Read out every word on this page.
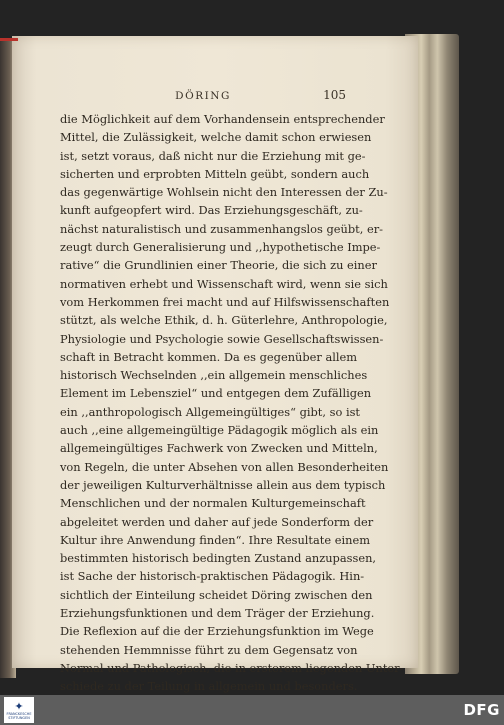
DÖRING	105
die Möglichkeit auf dem Vorhandensein entsprechender
Mittel, die Zulässigkeit, welche damit schon erwiesen
ist, setzt voraus, daß nicht nur die Erziehung mit ge-
sicherten und erprobten Mitteln geübt, sondern auch
das gegenwärtige Wohlsein nicht den Interessen der Zu-
kunft aufgeopfert wird. Das Erziehungsgeschäft, zu-
nächst naturalistisch und zusammenhangslos geübt, er-
zeugt durch Generalisierung und ,,hypothetische Impe-
rative“ die Grundlinien einer Theorie, die sich zu einer
normativen erhebt und Wissenschaft wird, wenn sie sich
vom Herkommen frei macht und auf Hilfswissenschaften
stützt, als welche Ethik, d. h. Güterlehre, Anthropologie,
Physiologie und Psychologie sowie Gesellschaftswissen-
schaft in Betracht kommen. Da es gegenüber allem
historisch Wechselnden ,,ein allgemein menschliches
Element im Lebensziel“ und entgegen dem Zufälligen
ein ,,anthropologisch Allgemeingültiges“ gibt, so ist
auch ,,eine allgemeingültige Pädagogik möglich als ein
allgemeingültiges Fachwerk von Zwecken und Mitteln,
von Regeln, die unter Absehen von allen Besonderheiten
der jeweiligen Kulturverhältnisse allein aus dem typisch
Menschlichen und der normalen Kulturgemeinschaft
abgeleitet werden und daher auf jede Sonderform der
Kultur ihre Anwendung finden“. Ihre Resultate einem
bestimmten historisch bedingten Zustand anzupassen,
ist Sache der historisch-praktischen Pädagogik. Hin-
sichtlich der Einteilung scheidet Döring zwischen den
Erziehungsfunktionen und dem Träger der Erziehung.
Die Reflexion auf die der Erziehungsfunktion im Wege
stehenden Hemmnisse führt zu dem Gegensatz von
Normal und Pathologisch, die in ersterem liegenden Unter-
schiede zu der Teilung in allgemein und besonders.
✦
FRANCKESCHE STIFTUNGEN	DFG
